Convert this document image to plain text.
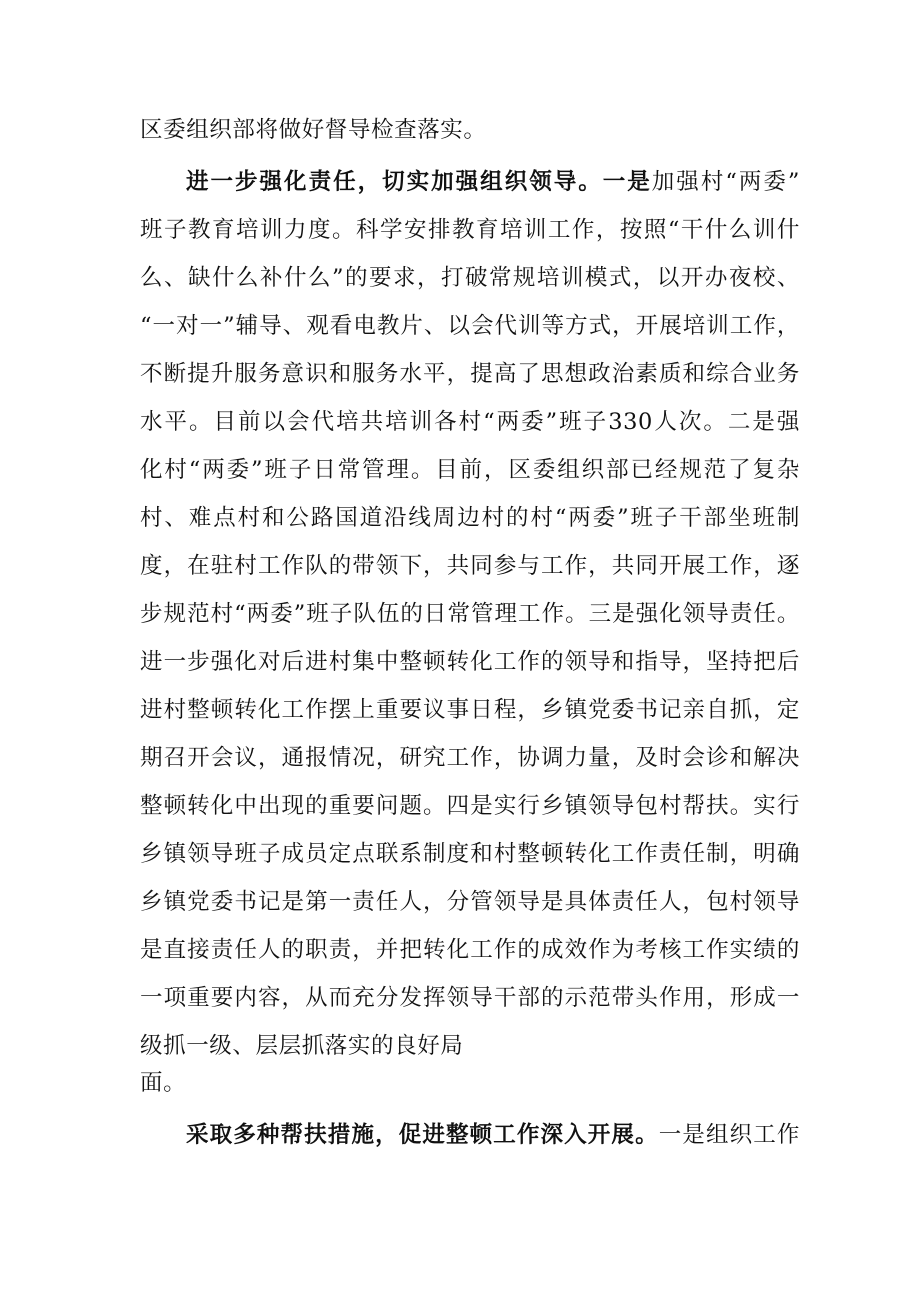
区委组织部将做好督导检查落实。
进一步强化责任，切实加强组织领导。一是加强村“两委”
班子教育培训力度。科学安排教育培训工作，按照“干什么训什
么、缺什么补什么”的要求，打破常规培训模式，以开办夜校、
“一对一”辅导、观看电教片、以会代训等方式，开展培训工作，
不断提升服务意识和服务水平，提高了思想政治素质和综合业务
水平。目前以会代培共培训各村“两委”班子330人次。二是强
化村“两委”班子日常管理。目前，区委组织部已经规范了复杂
村、难点村和公路国道沿线周边村的村“两委”班子干部坐班制
度，在驻村工作队的带领下，共同参与工作，共同开展工作，逐
步规范村“两委”班子队伍的日常管理工作。三是强化领导责任。
进一步强化对后进村集中整顿转化工作的领导和指导，坚持把后
进村整顿转化工作摆上重要议事日程，乡镇党委书记亲自抓，定
期召开会议，通报情况，研究工作，协调力量，及时会诊和解决
整顿转化中出现的重要问题。四是实行乡镇领导包村帮扶。实行
乡镇领导班子成员定点联系制度和村整顿转化工作责任制，明确
乡镇党委书记是第一责任人，分管领导是具体责任人，包村领导
是直接责任人的职责，并把转化工作的成效作为考核工作实绩的
一项重要内容，从而充分发挥领导干部的示范带头作用，形成一
级抓一级、层层抓落实的良好局
面。
采取多种帮扶措施，促进整顿工作深入开展。一是组织工作
